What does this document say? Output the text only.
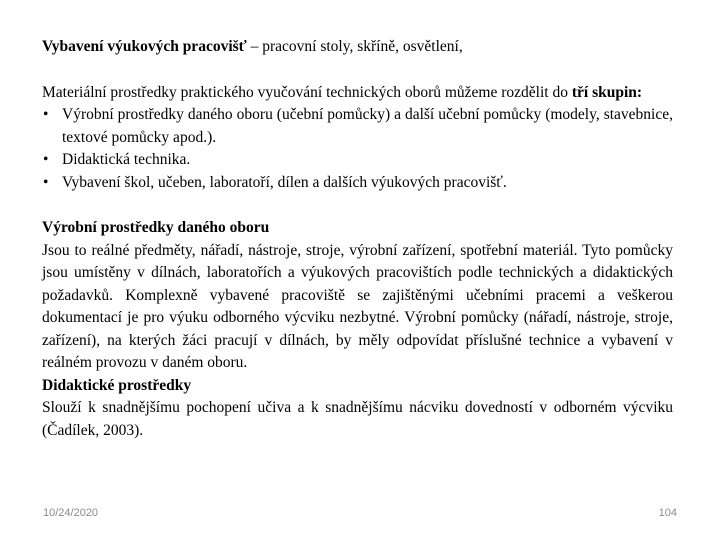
Vybavení výukových pracovišť – pracovní stoly, skříně, osvětlení,

Materiální prostředky praktického vyučování technických oborů můžeme rozdělit do tří skupin:

• Výrobní prostředky daného oboru (učební pomůcky) a další učební pomůcky (modely, stavebnice, textové pomůcky apod.).
• Didaktická technika.
• Vybavení škol, učeben, laboratoří, dílen a dalších výukových pracovišť.

Výrobní prostředky daného oboru

Jsou to reálné předměty, nářadí, nástroje, stroje, výrobní zařízení, spotřební materiál. Tyto pomůcky jsou umístěny v dílnách, laboratořích a výukových pracovištích podle technických a didaktických požadavků. Komplexně vybavené pracoviště se zajištěnými učebními pracemi a veškerou dokumentací je pro výuku odborného výcviku nezbytné. Výrobní pomůcky (nářadí, nástroje, stroje, zařízení), na kterých žáci pracují v dílnách, by měly odpovídat příslušné technice a vybavení v reálném provozu v daném oboru.

Didaktické prostředky

Slouží k snadnějšímu pochopení učiva a k snadnějšímu nácviku dovedností v odborném výcviku (Čadílek, 2003).

10/24/2020	104
